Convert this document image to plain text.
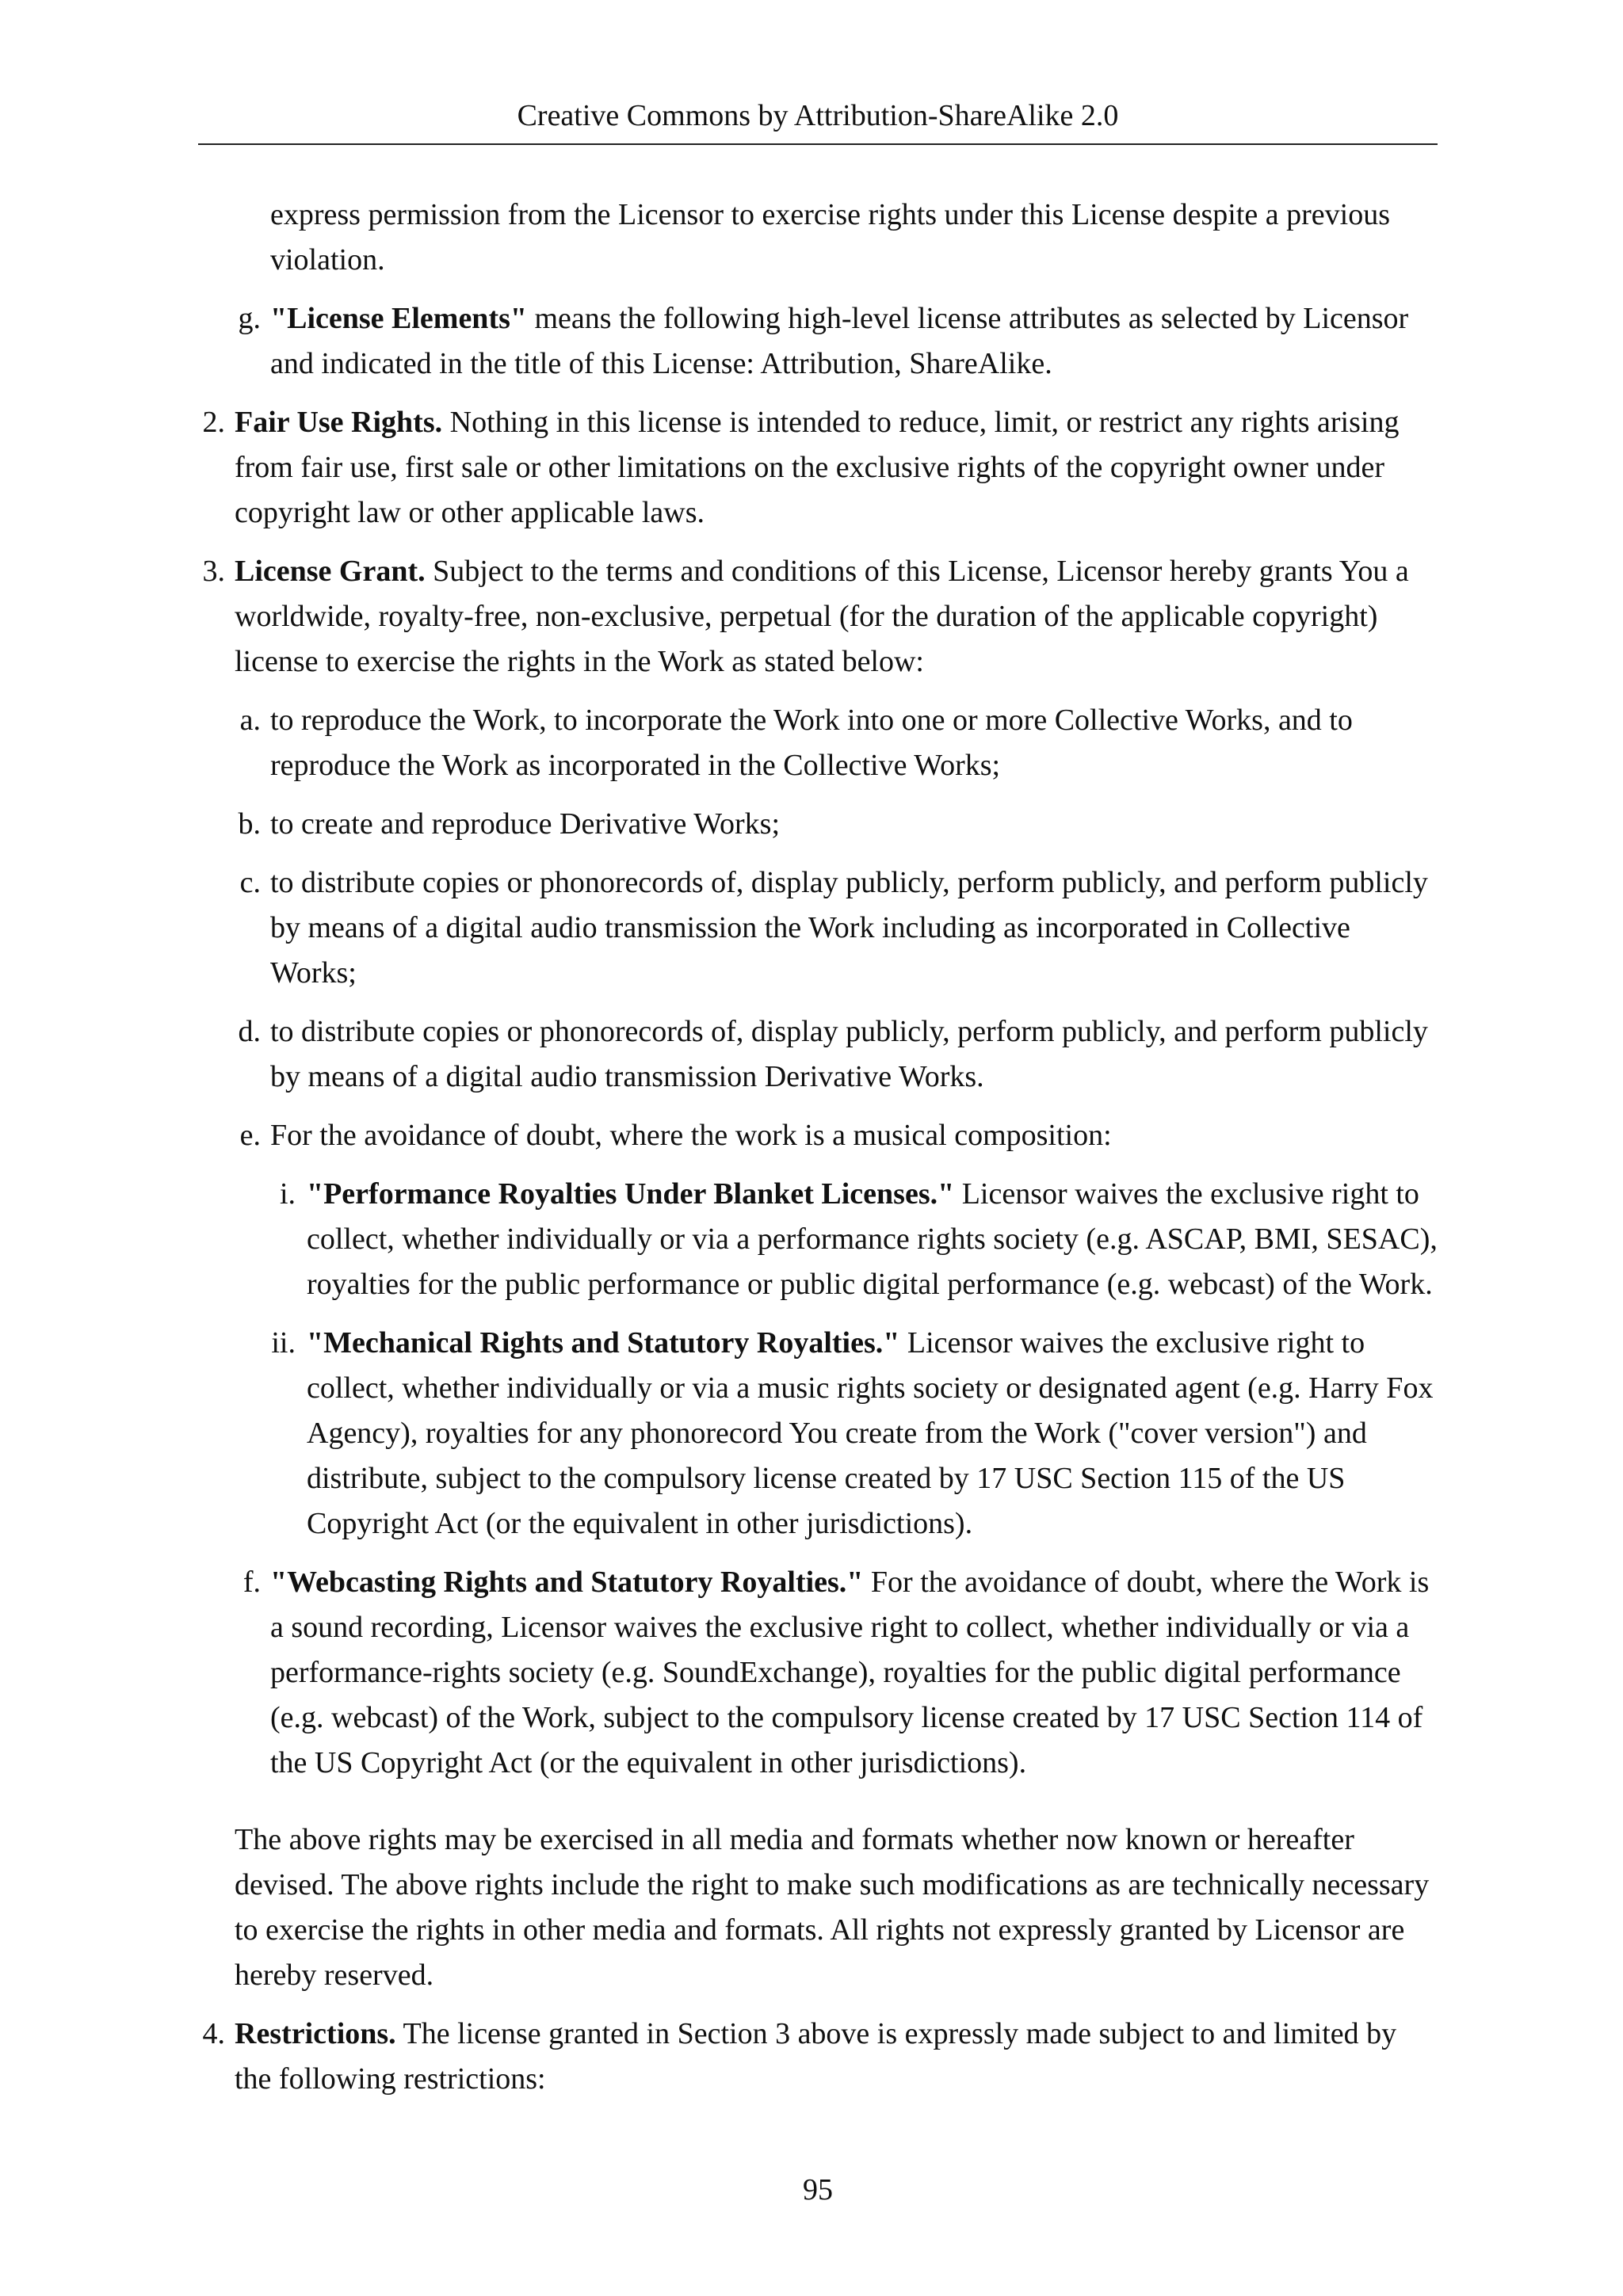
Creative Commons by Attribution-ShareAlike 2.0
express permission from the Licensor to exercise rights under this License despite a previous violation.
g. "License Elements" means the following high-level license attributes as selected by Licensor and indicated in the title of this License: Attribution, ShareAlike.
2. Fair Use Rights. Nothing in this license is intended to reduce, limit, or restrict any rights arising from fair use, first sale or other limitations on the exclusive rights of the copyright owner under copyright law or other applicable laws.
3. License Grant. Subject to the terms and conditions of this License, Licensor hereby grants You a worldwide, royalty-free, non-exclusive, perpetual (for the duration of the applicable copyright) license to exercise the rights in the Work as stated below:
a. to reproduce the Work, to incorporate the Work into one or more Collective Works, and to reproduce the Work as incorporated in the Collective Works;
b. to create and reproduce Derivative Works;
c. to distribute copies or phonorecords of, display publicly, perform publicly, and perform publicly by means of a digital audio transmission the Work including as incorporated in Collective Works;
d. to distribute copies or phonorecords of, display publicly, perform publicly, and perform publicly by means of a digital audio transmission Derivative Works.
e. For the avoidance of doubt, where the work is a musical composition:
i. "Performance Royalties Under Blanket Licenses." Licensor waives the exclusive right to collect, whether individually or via a performance rights society (e.g. ASCAP, BMI, SESAC), royalties for the public performance or public digital performance (e.g. webcast) of the Work.
ii. "Mechanical Rights and Statutory Royalties." Licensor waives the exclusive right to collect, whether individually or via a music rights society or designated agent (e.g. Harry Fox Agency), royalties for any phonorecord You create from the Work ("cover version") and distribute, subject to the compulsory license created by 17 USC Section 115 of the US Copyright Act (or the equivalent in other jurisdictions).
f. "Webcasting Rights and Statutory Royalties." For the avoidance of doubt, where the Work is a sound recording, Licensor waives the exclusive right to collect, whether individually or via a performance-rights society (e.g. SoundExchange), royalties for the public digital performance (e.g. webcast) of the Work, subject to the compulsory license created by 17 USC Section 114 of the US Copyright Act (or the equivalent in other jurisdictions).
The above rights may be exercised in all media and formats whether now known or hereafter devised. The above rights include the right to make such modifications as are technically necessary to exercise the rights in other media and formats. All rights not expressly granted by Licensor are hereby reserved.
4. Restrictions. The license granted in Section 3 above is expressly made subject to and limited by the following restrictions:
95
